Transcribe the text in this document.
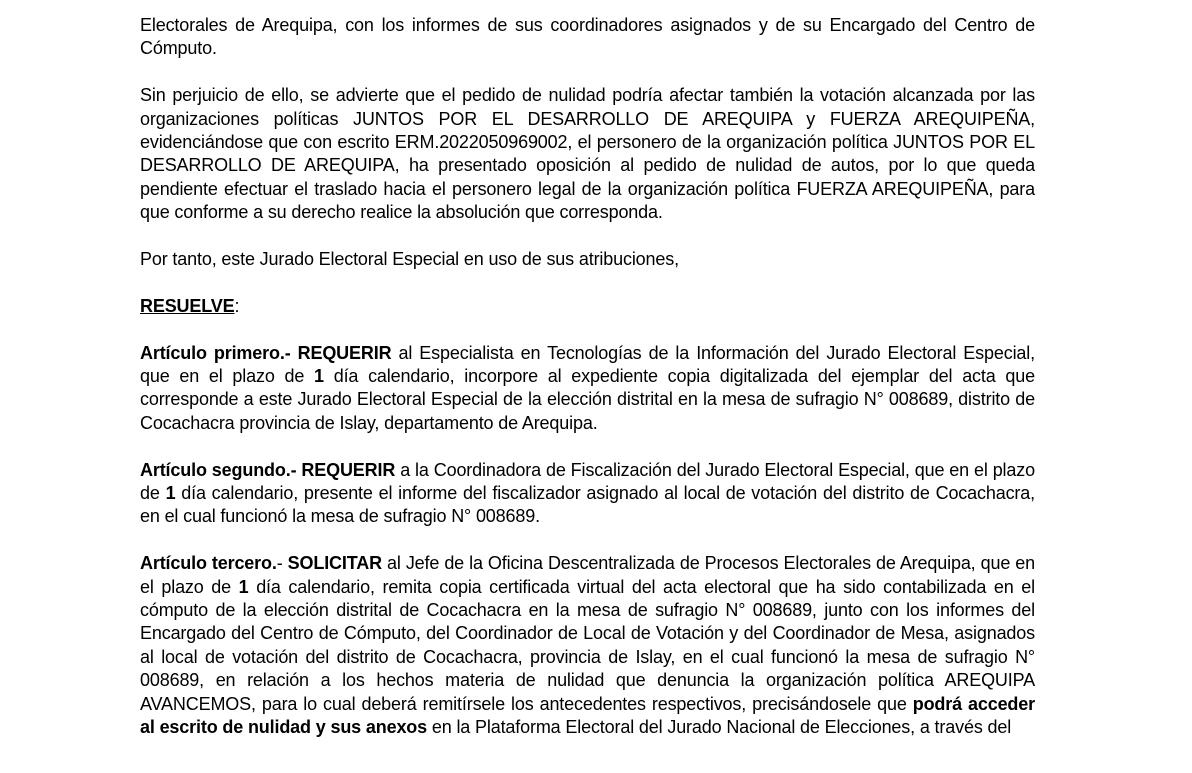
Electorales de Arequipa, con los informes de sus coordinadores asignados y de su Encargado del Centro de Cómputo.

Sin perjuicio de ello, se advierte que el pedido de nulidad podría afectar también la votación alcanzada por las organizaciones políticas JUNTOS POR EL DESARROLLO DE AREQUIPA y FUERZA AREQUIPEÑA, evidenciándose que con escrito ERM.2022050969002, el personero de la organización política JUNTOS POR EL DESARROLLO DE AREQUIPA, ha presentado oposición al pedido de nulidad de autos, por lo que queda pendiente efectuar el traslado hacia el personero legal de la organización política FUERZA AREQUIPEÑA, para que conforme a su derecho realice la absolución que corresponda.

Por tanto, este Jurado Electoral Especial en uso de sus atribuciones,

RESUELVE:

Artículo primero.- REQUERIR al Especialista en Tecnologías de la Información del Jurado Electoral Especial, que en el plazo de 1 día calendario, incorpore al expediente copia digitalizada del ejemplar del acta que corresponde a este Jurado Electoral Especial de la elección distrital en la mesa de sufragio N° 008689, distrito de Cocachacra provincia de Islay, departamento de Arequipa.

Artículo segundo.- REQUERIR a la Coordinadora de Fiscalización del Jurado Electoral Especial, que en el plazo de 1 día calendario, presente el informe del fiscalizador asignado al local de votación del distrito de Cocachacra, en el cual funcionó la mesa de sufragio N° 008689.

Artículo tercero.- SOLICITAR al Jefe de la Oficina Descentralizada de Procesos Electorales de Arequipa, que en el plazo de 1 día calendario, remita copia certificada virtual del acta electoral que ha sido contabilizada en el cómputo de la elección distrital de Cocachacra en la mesa de sufragio N° 008689, junto con los informes del Encargado del Centro de Cómputo, del Coordinador de Local de Votación y del Coordinador de Mesa, asignados al local de votación del distrito de Cocachacra, provincia de Islay, en el cual funcionó la mesa de sufragio N° 008689, en relación a los hechos materia de nulidad que denuncia la organización política AREQUIPA AVANCEMOS, para lo cual deberá remitírsele los antecedentes respectivos, precisándosele que podrá acceder al escrito de nulidad y sus anexos en la Plataforma Electoral del Jurado Nacional de Elecciones, a través del
